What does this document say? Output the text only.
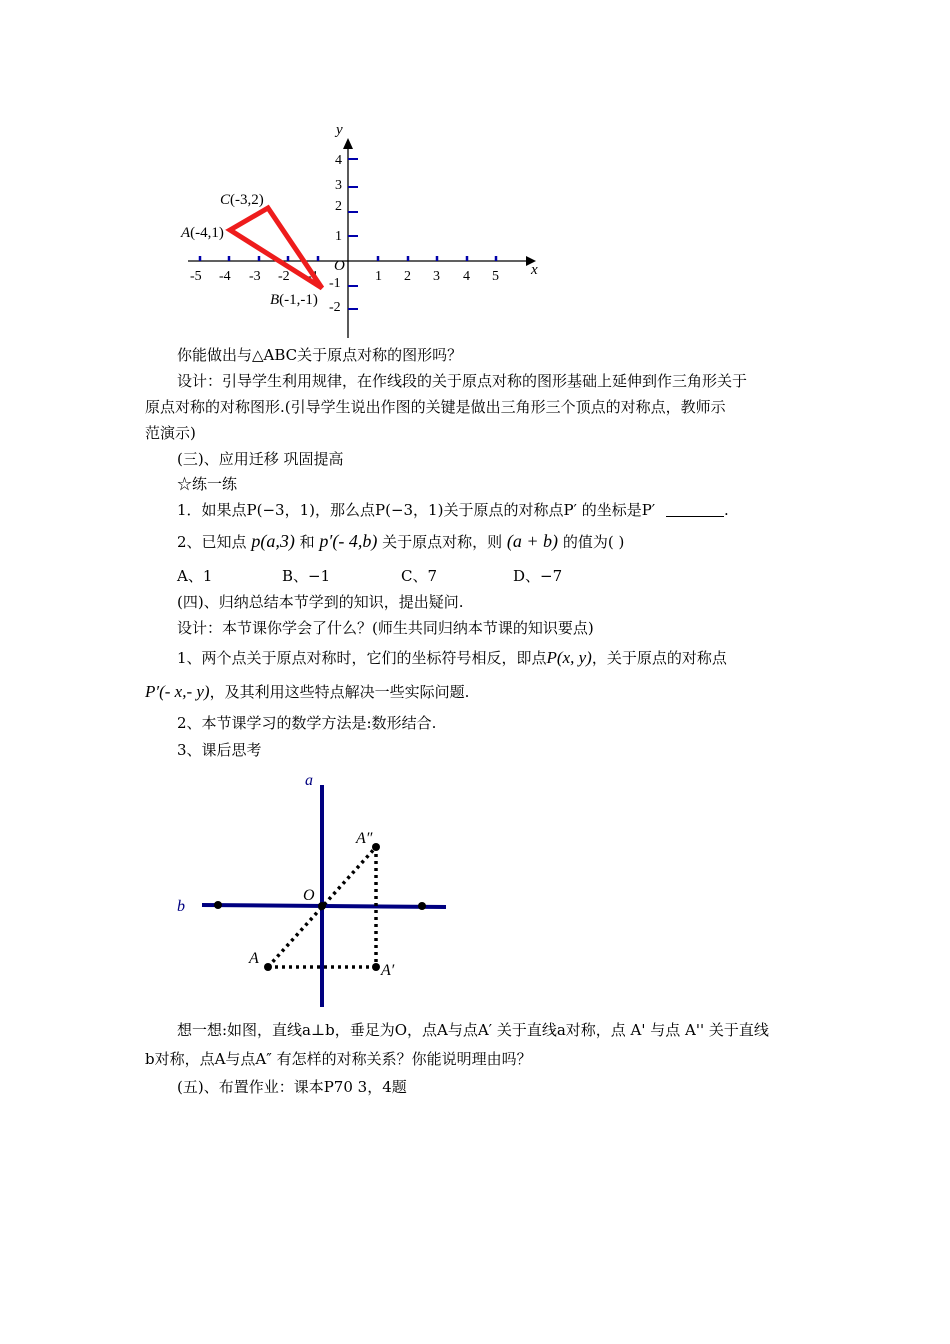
-5 -4 -3 -2 -1	1 2 3 4 5
4
3
2
1
-1
-2
x
y
O
C(-3,2)
A(-4,1)
B(-1,-1)
你能做出与△ABC关于原点对称的图形吗？
设计：引导学生利用规律，在作线段的关于原点对称的图形基础上延伸到作三角形关于
原点对称的对称图形.(引导学生说出作图的关键是做出三角形三个顶点的对称点，教师示
范演示)
(三)、应用迁移 巩固提高
☆练一练
1．如果点P(−3，1)，那么点P(−3，1)关于原点的对称点P′ 的坐标是P′	.
2、已知点 p(a,3) 和 p′(- 4,b) 关于原点对称，则 (a + b) 的值为( )
A、1	B、−1	C、7	D、−7
(四)、归纳总结本节学到的知识，提出疑问.
设计：本节课你学会了什么？(师生共同归纳本节课的知识要点)
1、两个点关于原点对称时，它们的坐标符号相反，即点P(x, y)，关于原点的对称点
P′(- x,- y)，及其利用这些特点解决一些实际问题.
2、本节课学习的数学方法是:数形结合.
3、课后思考
a
b
O
A
A′
A″
想一想:如图，直线a⊥b，垂足为O，点A与点A′ 关于直线a对称，点 A' 与点 A'' 关于直线
b对称，点A与点A″ 有怎样的对称关系？你能说明理由吗？
(五)、布置作业：课本P70 3，4题
